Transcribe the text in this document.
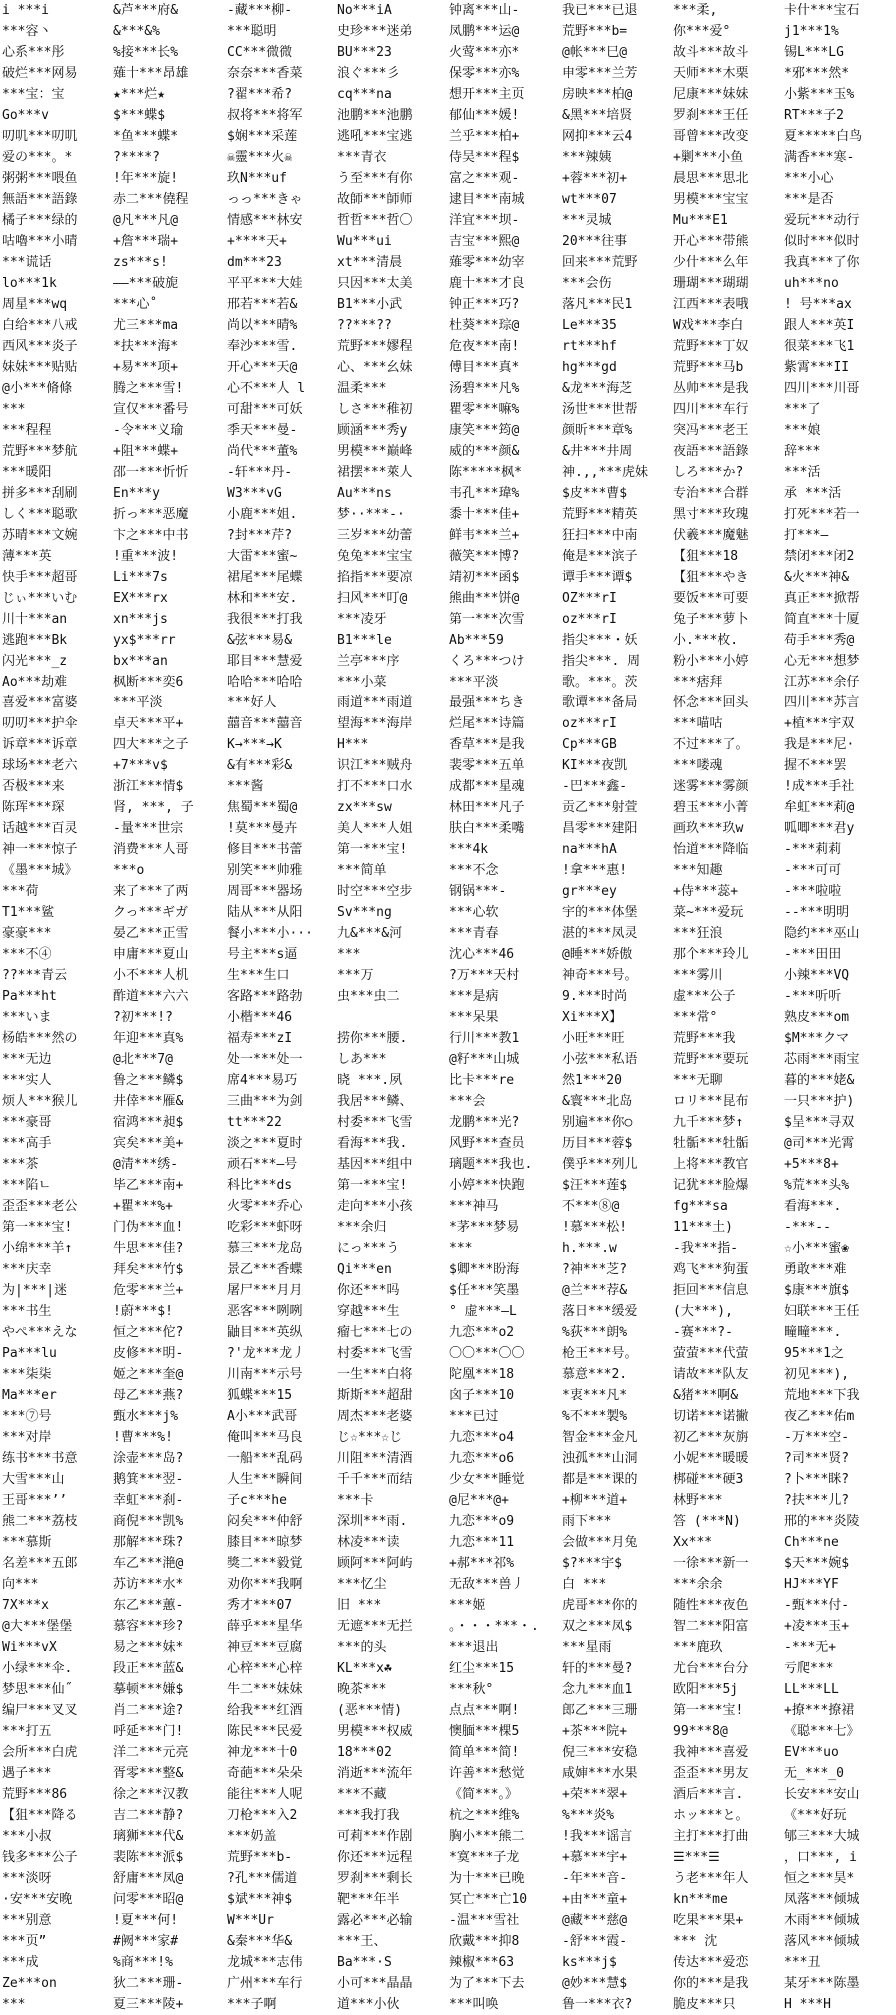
i ***i	&芦***府&	-藏***柳-	No***iA	钟离***山-	我已***已退	***柔,	卡什***宝石
***容丶	&***&%	***聪明	史珍***迷弟	凤鹏***运@	荒野***b=	你***爱°	j1***1%
心系***彤	%接***长%	CC***微微	BU***23	火莺***亦*	@帐***巳@	故斗***故斗	锡L***LG
破烂***网易	薙十***昂雄	奈奈***香菜	浪ぐ***彡	保零***亦%	申零***兰芳	天师***木栗	*邪***然*
***宝：宝	★***烂★	?翟***希?	cq***na	想开***主页	房映***柏@	尼康***妹妹	小紫***玉%
Go***v	$***蝶$	叔将***将军	池鹏***池鹏	郁仙***媛!	&黑***培贤	罗刹***王任	RT***子2
叨叽***叨叽	*鱼***蝶*	$娴***采莲	逃吼***宝逃	兰乎***柏+	网抑***云4	哥曾***改变	夏*****白鸟
爱の***。*	?****?	☠靈***火☠	***青衣	侍吴***程$	***辣姨	+剿***小鱼	满香***寒-
粥粥***喂鱼	!年***旋!	玖N***uf	う至***有你	富之***观-	+蓉***初+	晨思***思北	***小心
無語***語錄	赤二***僥程	っっ***きゃ	故師***師师	逮目***南城	wt***07	男模***宝宝	***是否
橘子***绿的	@凡***凡@	情感***林安	哲哲***哲〇	洋宜***坝-	***灵城	Mu***E1	爱玩***动行
咕嚕***小晴	+詹***瑞+	+****天+	Wu***ui	吉宝***熙@	20***往事	开心***带熊	似时***似时
***谎话	zs***s!	dm***23	xt***清晨	薙零***幼宰	回来***荒野	少什***么年	我真***了你
lo***1k	——***破旎	平平***大娃	只因***太美	鹿十***才良	***会伤	珊瑚***瑚瑚	uh***no
周星***wq	***心˚	邢若***若&	B1***小武	钟正***巧?	落凡***民1	江西***表哦	! 号***ax
白给***八戒	尤三***ma	尚以***晴%	??***??	杜葵***琮@	Le***35	W戏***李白	跟人***英I
西风***炎子	*扶***海*	奉沙***雪.	荒野***嫪程	危夜***南!	rt***hf	荒野***丁奴	很菜***飞1
妹妹***贴贴	+易***项+	开心***天@	心、***幺妹	傅目***真*	hg***gd	荒野***马b	紫霄***II
@小***脩條	腾之***雪!	心不***人 l	温柔***	汤碧***凡%	&龙***海芝	丛帅***是我	四川***川哥
***	宣仅***番号	可甜***可妖	しさ***稚初	瞿零***嘛%	汤世***世帮	四川***车行	***了
***程程	-令***义瑜	季天***曼-	顾涵***秀y	康笑***筠@	颜昕***章%	突冯***老王	***娘
荒野***梦航	+阻***蝶+	尚代***董%	男模***巅峰	威的***颜&	&井***井周	夜語***語錄	辞***
***暖阳	邵一***忻忻	-轩***丹-	裙摆***萊人	陈*****枫*	神.,,***虎妹	しろ***か?	***活
拼多***刮刷	En***y	W3***vG	Au***ns	韦孔***瑋%	$皮***曹$	专治***合群	承 ***活
しく***聪歌	折っ***恶魔	小鹿***姐.	梦··***-·	黍十***佳+	荒野***精英	黑寸***玫瑰	打死***若一
苏晴***文婉	卞之***中书	?封***芹?	三岁***幼蕾	鲜韦***兰+	狂扫***中南	伏羲***魔魅	打***—
薄***英	!重***波!	大雷***蜜~	兔兔***宝宝	薇笑***博?	俺是***滨子	【狙***18	禁闭***闭2
快手***超哥	Li***7s	裙尾***尾蝶	掐指***要凉	靖初***函$	谭手***谭$	【狙***やき	&火***神&
じぃ***いむ	EX***rx	林和***安.	扫风***叮@	熊曲***饼@	OZ***rI	要饭***可要	真正***掀帮
川十***an	xn***js	我很***打我	***凌牙	第一***次雪	oz***rI	兔子***萝卜	简直***十厦
逃跑***Bk	yx$***rr	&弦***易&	B1***le	Ab***59	指尖***・妖	小.***枚.	苟手***秀@
闪光***_z	bx***an	耶目***慧爱	兰亭***序	くろ***つけ	指尖***. 周	粉小***小婷	心无***想梦
Ao***劫难	枫断***奕6	哈哈***哈哈	***小菜	***平淡	歌。***。茨	***痞拜	江苏***余仔
喜爱***富婆	***平淡	***好人	雨道***雨道	最强***ちき	歌谭***备局	怀念***回头	四川***苏言
叨叨***护伞	卓天***平+	囍音***囍音	望海***海岸	烂尾***诗篇	oz***rI	***喵咕	+植***宇双
诉章***诉章	四大***之子	K→***→K	H***	香草***是我	Cp***GB	不过***了。	我是***尼·
球场***老六	+7***v$	&有***彩&	识江***贼舟	裴零***五单	KI***夜凯	***喽魂	握不***罢
否极***来	浙江***情$	***酱	打不***口水	成都***星魂	-巴***鑫-	迷雾***雾颜	!成***手社
陈珲***琛	肾, ***, 子	焦蜀***蜀@	zx***sw	林田***凡子	贡乙***射萱	碧玉***小菁	牟虹***莉@
话越***百灵	-量***世宗	!莫***曼卉	美人***人姐	肤白***柔嘴	昌零***建阳	画玖***玖w	呱唧***君y
神一***惊子	消费***人哥	修目***书蕾	第一***宝!	***4k	na***hA	怡道***降临	-***莉莉
《墨***城》	***o	别笑***帅雅	***简单	***不念	!拿***惠!	***知趣	-***可可
***荷	来了***了两	周哥***器场	时空***空步	钢锅***-	gr***ey	+侍***蕊+	-***啦啦
T1***鲨	クっ***ギガ	陆从***从阳	Sv***ng	***心软	宇的***体堡	菜~***爱玩	--***明明
豪豪***	晏乙***正雪	餐小***小···	九&***&河	***青春	湛的***凤灵	***狂浪	隐约***巫山
***不④	申庸***夏山	号主***s逼	***	沈心***46	@睡***娇傲	那个***玲儿	-***田田
??***青云	小不***人机	生***生口	***万	?万***天村	神奇***号。	***雾川	小辣***VQ
Pa***ht	酢道***六六	客路***路勃	虫***虫二	***是病	9.***时尚	虚***公子	-***听听
***いま	?初***!?	小楷***46	***呆果	Xi***X】	***常°	熟皮***om
杨皓***然の	年迎***真%	福寿***zI	捞你***腰.	行川***教1	小旺***旺	荒野***我	$M***クマ
***无边	@北***7@	处一***处一	しあ***	@籽***山城	小弦***私语	荒野***要玩	芯雨***雨宝
***实人	鲁之***鳞$	席4***易巧	晓 ***.夙	比卡***re	然1***20	***无聊	暮的***姥&
烦人***猴儿	井倖***雁&	三曲***为剑	我居***鳞、	***会	&寰***北岛	ロリ***昆布	一只***护)
***豪哥	宿鸿***昶$	tt***22	村委***飞雪	龙鹏***光?	别遍***你○	九千***梦↑	$呈***寻双
***高手	宾矣***美+	淡之***夏时	看海***我.	风野***查员	历目***蓉$	牡骺***牡骺	@司***光霄
***茶	@清***绣-	顽石***—号	基因***组中	璃题***我也.	僕乎***列儿	上将***教官	+5***8+
***陷ㄴ	毕乙***南+	科比***ds	第一***宝!	小婷***快跑	$汪***莲$	记犹***脸爆	%荒***头%
歪歪***老公	+瞿***%+	火零***乔心	走向***小孩	***神马	不***⑧@	fg***sa	看海***.
第一***宝!	门伪***血!	吃彩***虾呀	***余归	*茅***梦易	!慕***松!	11***土)	-***--
小绵***羊↑	牛思***佳?	慕三***龙岛	にっ***う	***	h.***.w	-我***指-	☆小***蜜❀
***庆幸	拜矣***竹$	景乙***香蝶	Qi***en	$卿***盼海	?神***芝?	鸡飞***狗蛋	勇敢***难
为|***|迷	危零***兰+	屠尸***月月	你还***吗	$任***笑墨	@兰***荐&	拒回***信息	$康***旗$
***书生	!蔚***$!	恶客***咧咧	穿越***生	° 虚***—L	落日***缓爱	(大***),	妇联***王任
やぺ***えな	恒之***佗?	鼬目***英纵	瘤七***七の	九恋***o2	%荻***朗%	-赛***?-	疃疃***.
Pa***lu	皮修***明-	?'龙***龙丿	村委***飞雪	〇〇***〇〇	枪王***号。	萤萤***代萤	95***1之
***柒柒	姬之***奎@	川南***示号	一生***白将	陀凰***18	慕意***2.	请故***队友	初见***),
Ma***er	母乙***燕?	狐蝶***15	斯斯***超甜	囟子***10	*衷***凡*	&猪***啊&	荒地***下我
***⑦号	甄水***j%	A小***武哥	周杰***老婆	***已过	%不***製%	切诺***诺撇	夜乙***佑m
***对岸	!曹***%!	俺叫***马良	じ☆***☆じ	九恋***o4	智金***金凡	初乙***灰旃	-万***空-
练书***书意	涂壶***岛?	一船***乱码	川阻***清酒	九恋***o6	浊孤***山洞	小妮***暖暖	?司***贤?
大雪***山	鹅箕***翌-	人生***瞬间	千千***而结	少女***睡觉	都是***课的	梆碰***硬3	?卜***眯?
王哥***’’	幸虹***刹-	子c***he	***卡	@尼***@+	+柳***道+	林野***	?扶***儿?
熊二***荔枝	商倪***凯%	闷矣***仲舒	深圳***雨.	九恋***o9	雨下***	答 (***N)	邢的***炎陵
***慕斯	那解***珠?	膝目***晾梦	林凌***读	九恋***11	会做***月兔	Xx***	Ch***ne
名差***五郎	车乙***滟@	獎二***毅覚	顾阿***阿屿	+郝***祁%	$?***宇$	一徐***新一	$天***婉$
向***	苏访***水*	劝你***我啊	***忆尘	无敌***兽丿	白 ***	***余余	HJ***YF
7X***x	东乙***蕙-	秀才***07	旧 ***	***姬	虎哥***你的	随性***夜色	-甄***付-
@大***堡堡	慕容***珍?	薛乎***星华	无遮***无拦	。・・・***・.	双之***凤$	智二***阳富	+凌***玉+
Wi***vX	易之***妹*	神豆***豆腐	***的头	***退出	***星雨	***鹿玖	-***无+
小绿***伞.	段正***蓝&	心梓***心梓	KL***x☘	红尘***15	轩的***曼?	尤台***台分	亏爬***
梦思***仙˝	摹顿***嫌$	牛二***妹妹	晚茶***	***秋°	念九***血1	欧阳***5j	LL***LL
编尸***叉叉	肖二***途?	给我***红酒	(恶***情)	点点***啊!	郎乙***三珊	第一***宝!	+撩***撩裙
***打五	呼延***门!	陈民***民爱	男模***权威	懊腼***棵5	+茶***院+	99***8@	《聪***七》
会所***白虎	洋二***元亮	神龙***十0	18***02	简单***简!	倪三***安稳	我神***喜爱	EV***uo
遇子***	胥零***整&	奇葩***朵朵	消逝***流年	许善***愁觉	咸婶***水果	歪歪***男友	无_***_0
荒野***86	徐之***汉教	能往***人呢	***不藏	《简***。》	+荣***翠+	酒后***言.	长安***安山
【狙***降る	吉二***静?	刀枪***入2	***我打我	杭之***维%	%***炎%	ホッ***と。	《***好玩
***小叔	璃狮***代&	***奶盖	可莉***作剧	胸小***熊二	!我***谣言	主打***打曲	郇三***大城
钱多***公子	裴陈***派$	荒野***b-	你还***远程	*寞***子龙	+慕***宇+	☰***☰	，口***, i
***淡呀	舒庸***凤@	?孔***儒道	罗刹***剩长	为十***已晚	-年***音-	う老***年人	恒之***昊*
·安***安晚	问零***昭@	$斌***神$	靶***年半	冥亡***亡10	+由***童+	kn***me	凤落***倾城
***别意	!夏***何!	W***Ur	露必***必输	-温***雪社	@藏***慈@	吃果***果+	木雨***倾城
***页”	#阙***家#	&秦***华&	***王、	欣戴***抑8	-舒***霞-	*** 沈	落风***倾城
***成	%商***!%	龙城***志伟	Ba***·S	辣椒***63	ks***j$	传达***爱恋	***丑
Ze***on	狄二***珊-	广州***车行	小可***晶晶	为了***下去	@妙***慧$	你的***是我	某牙***陈墨
***	夏三***陵+	***子啊	道***小伙	***叫唤	鲁一***衣?	脆皮***只	H ***H
